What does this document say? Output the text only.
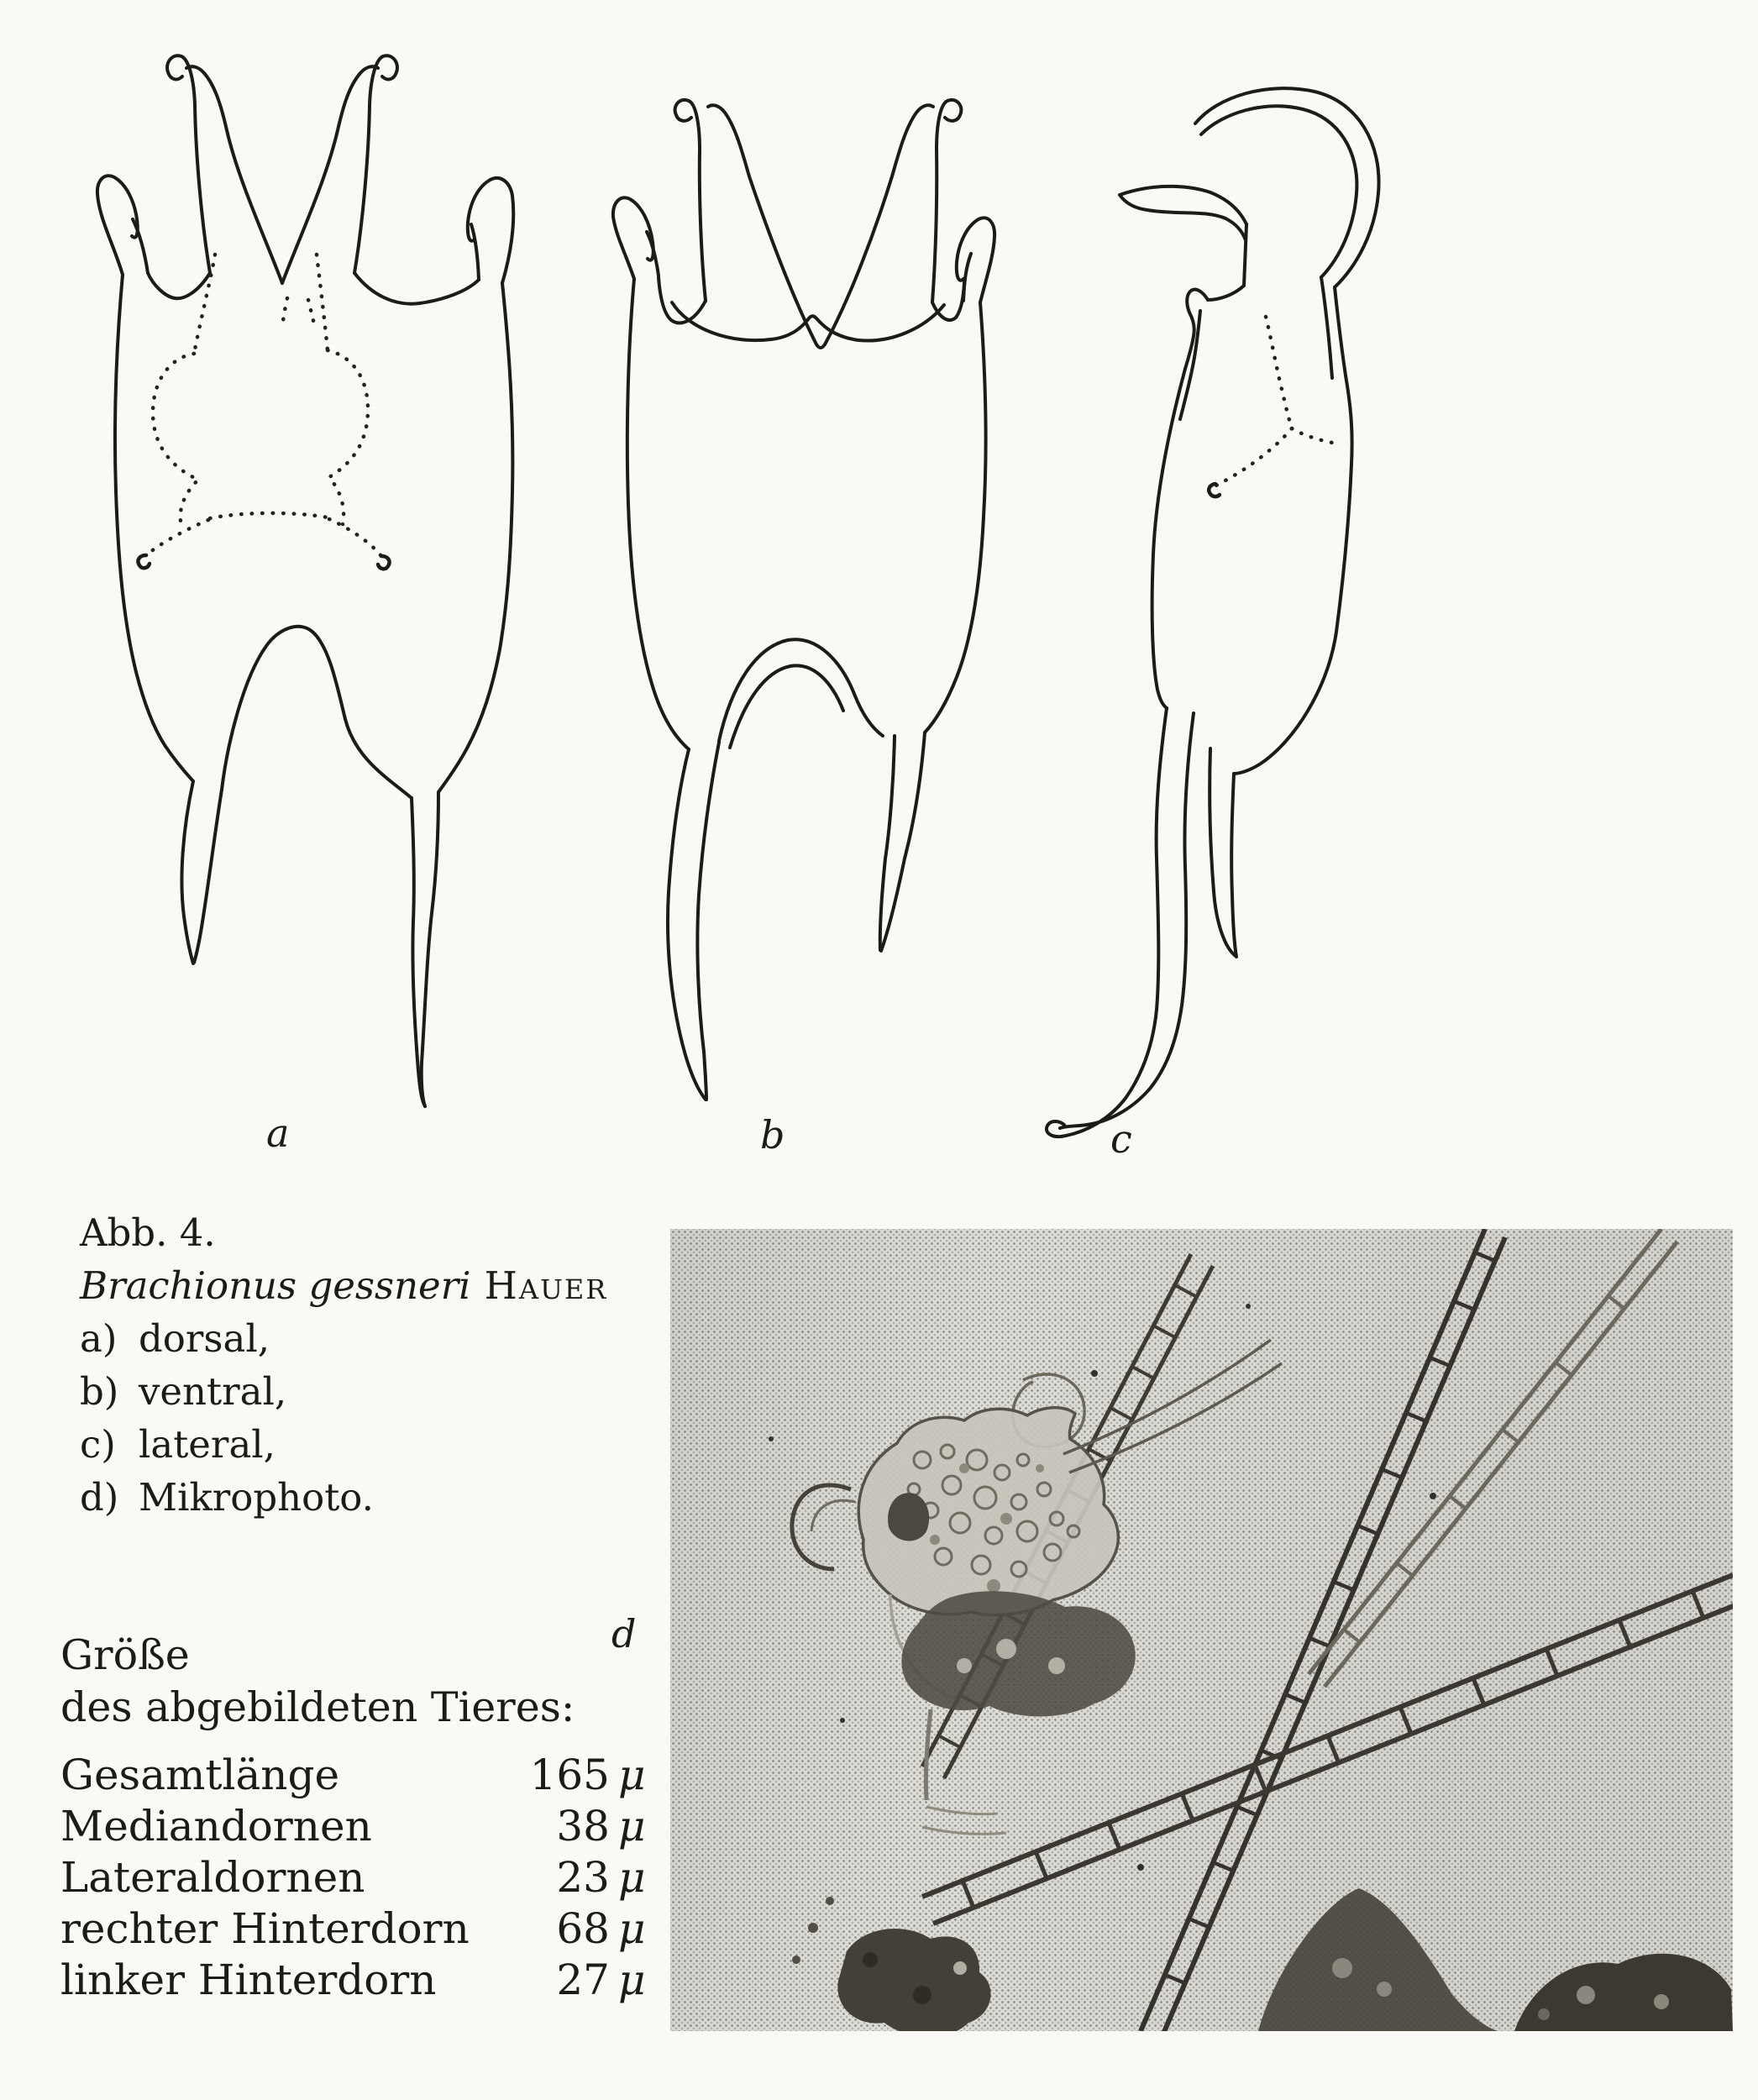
a	b	c
d
Abb. 4.
Brachionus gessneri Hauer
a) dorsal,
b) ventral,
c) lateral,
d) Mikrophoto.
Größe
des abgebildeten Tieres:
Gesamtlänge	165 μ
Mediandornen	38 μ
Lateraldornen	23 μ
rechter Hinterdorn	68 μ
linker Hinterdorn	27 μ
